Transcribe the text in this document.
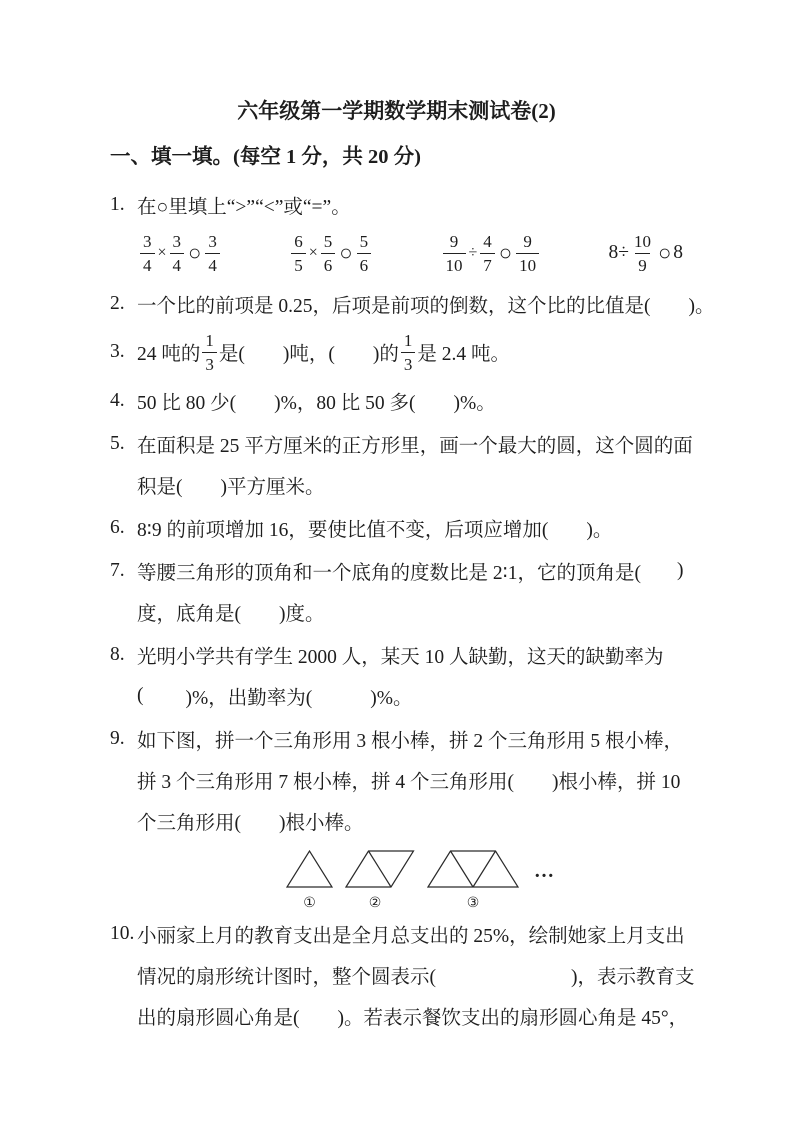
六年级第一学期数学期末测试卷(2)
一、填一填。(每空 1 分，共 20 分)
1. 在○里填上“>”“<”或“=”。
$\frac{3}{4} \times \frac{3}{4}$ ○ $\frac{3}{4}$	$\frac{6}{5} \times \frac{5}{6}$ ○ $\frac{5}{6}$	$\frac{9}{10} \div \frac{4}{7}$ ○ $\frac{9}{10}$	$8\div \frac{10}{9}$ ○ 8
2. 一个比的前项是 0.25，后项是前项的倒数，这个比的比值是( )。
3. 24 吨的 $\frac{1}{3}$ 是( )吨，( )的 $\frac{1}{3}$ 是 2.4 吨。
4. 50 比 80 少( )%，80 比 50 多( )%。
5. 在面积是 25 平方厘米的正方形里，画一个最大的圆，这个圆的面
积是( )平方厘米。
6. 8∶9 的前项增加 16，要使比值不变，后项应增加( )。
7. 等腰三角形的顶角和一个底角的度数比是 2∶1，它的顶角是( )
度，底角是( )度。
8. 光明小学共有学生 2000 人，某天 10 人缺勤，这天的缺勤率为
( )%，出勤率为(	)%。
9. 如下图，拼一个三角形用 3 根小棒，拼 2 个三角形用 5 根小棒，
拼 3 个三角形用 7 根小棒，拼 4 个三角形用( )根小棒，拼 10
个三角形用( )根小棒。
①	②	③
…
10. 小丽家上月的教育支出是全月总支出的 25%，绘制她家上月支出
情况的扇形统计图时，整个圆表示(	)，表示教育支
出的扇形圆心角是( )。若表示餐饮支出的扇形圆心角是 45°，
